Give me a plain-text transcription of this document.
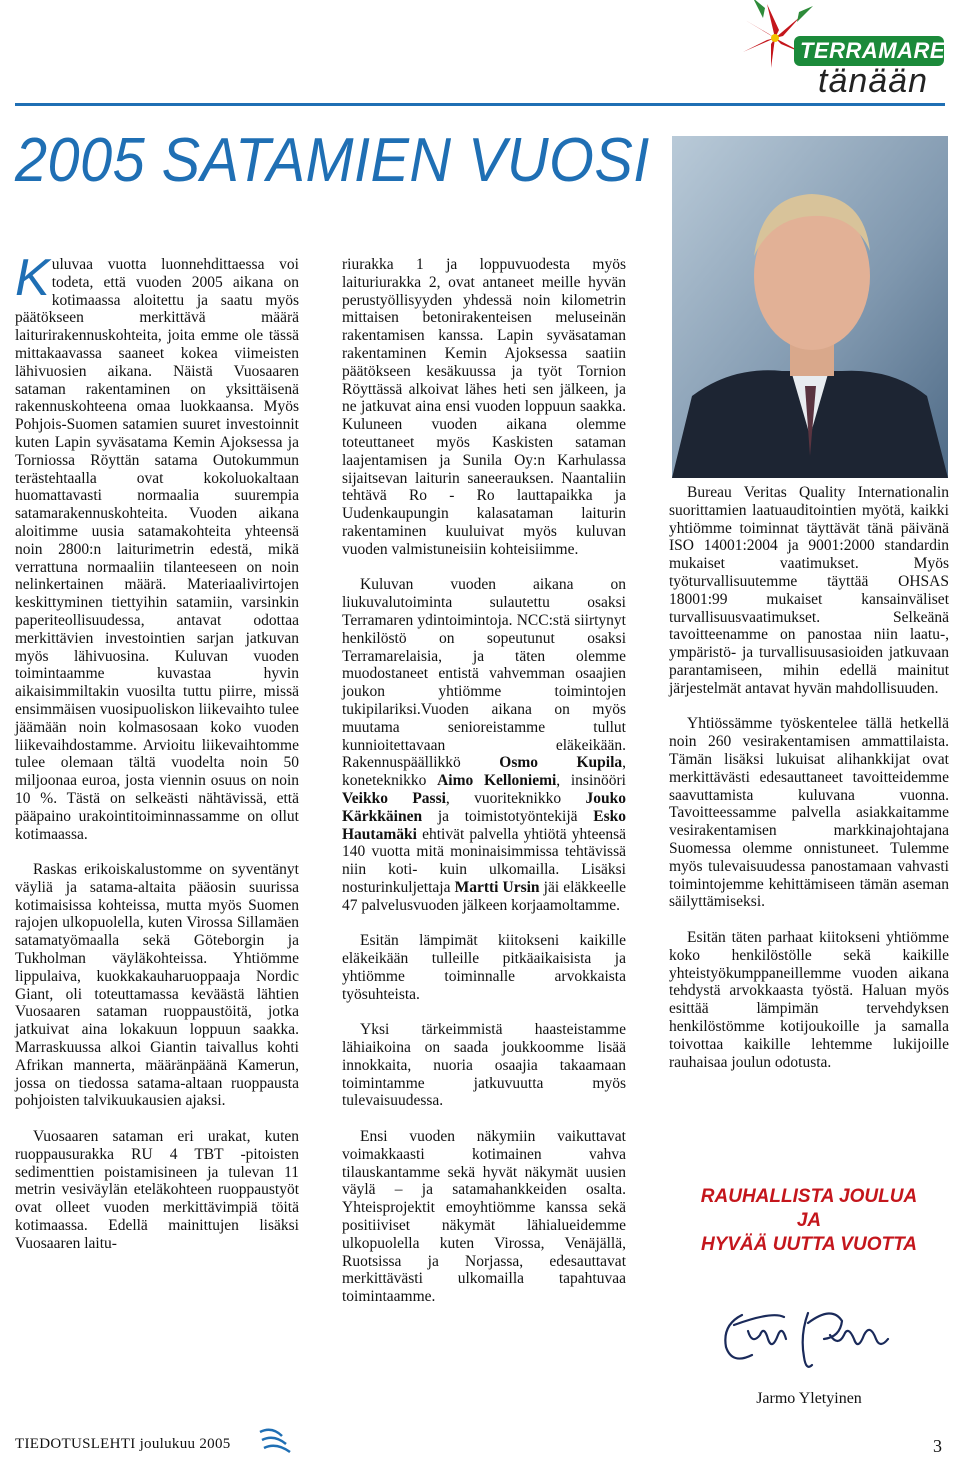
TERRAMARE
tänään
2005 SATAMIEN VUOSI

Kuluvaa vuotta luonnehdittaessa voi todeta, että vuoden 2005 aikana on kotimaassa aloitettu ja saatu myös päätökseen merkittävä määrä laiturirakennuskohteita, joita emme ole tässä mittakaavassa saaneet kokea viimeisten lähivuosien aikana. Näistä Vuosaaren sataman rakentaminen on yksittäisenä rakennuskohteena omaa luokkaansa. Myös Pohjois-Suomen satamien suuret investoinnit kuten Lapin syväsatama Kemin Ajoksessa ja Torniossa Röyttän satama Outokummun terästehtaalla ovat kokoluokaltaan huomattavasti normaalia suurempia satamarakennuskohteita. Vuoden aikana aloitimme uusia satamakohteita yhteensä noin 2800:n laiturimetrin edestä, mikä verrattuna normaaliin tilanteeseen on noin nelinkertainen määrä. Materiaalivirtojen keskittyminen tiettyihin satamiin, varsinkin paperiteollisuudessa, antavat odottaa merkittävien investointien sarjan jatkuvan myös lähivuosina. Kuluvan vuoden toimintaamme kuvastaa hyvin aikaisimmiltakin vuosilta tuttu piirre, missä ensimmäisen vuosipuoliskon liikevaihto tulee jäämään noin kolmasosaan koko vuoden liikevaihdostamme. Arvioitu liikevaihtomme tulee olemaan tältä vuodelta noin 50 miljoonaa euroa, josta viennin osuus on noin 10 %. Tästä on selkeästi nähtävissä, että pääpaino urakointitoiminnassamme on ollut kotimaassa.

Raskas erikoiskalustomme on syventänyt väyliä ja satama-altaita pääosin suurissa kotimaisissa kohteissa, mutta myös Suomen rajojen ulkopuolella, kuten Virossa Sillamäen satamatyömaalla sekä Göteborgin ja Tukholman väyläkohteissa. Yhtiömme lippulaiva, kuokkakauharuoppaaja Nordic Giant, oli toteuttamassa keväästä lähtien Vuosaaren sataman ruoppaustöitä, jotka jatkuivat aina lokakuun loppuun saakka. Marraskuussa alkoi Giantin taivallus kohti Afrikan mannerta, määränpäänä Kamerun, jossa on tiedossa satama-altaan ruoppausta pohjoisten talvikuukausien ajaksi.

Vuosaaren sataman eri urakat, kuten ruoppausurakka RU 4 TBT -pitoisten sedimenttien poistamisineen ja tulevan 11 metrin vesiväylän eteläkohteen ruoppaustyöt ovat olleet vuoden merkittävimpiä töitä kotimaassa. Edellä mainittujen lisäksi Vuosaaren laitu-

riurakka 1 ja loppuvuodesta myös laituriurakka 2, ovat antaneet meille hyvän perustyöllisyyden yhdessä noin kilometrin mittaisen betonirakenteisen meluseinän rakentamisen kanssa. Lapin syväsataman rakentaminen Kemin Ajoksessa saatiin päätökseen kesäkuussa ja työt Tornion Röyttässä alkoivat lähes heti sen jälkeen, ja ne jatkuvat aina ensi vuoden loppuun saakka. Kuluneen vuoden aikana olemme toteuttaneet myös Kaskisten sataman laajentamisen ja Sunila Oy:n Karhulassa sijaitsevan laiturin saneerauksen. Naantaliin tehtävä Ro - Ro lauttapaikka ja Uudenkaupungin kalasataman laiturin rakentaminen kuuluivat myös kuluvan vuoden valmistuneisiin kohteisiimme.

Kuluvan vuoden aikana on liukuvalutoiminta sulautettu osaksi Terramaren ydintoimintoja. NCC:stä siirtynyt henkilöstö on sopeutunut osaksi Terramarelaisia, ja täten olemme muodostaneet entistä vahvemman osaajien joukon yhtiömme toimintojen tukipilariksi.Vuoden aikana on myös muutama senioreistamme tullut kunnioitettavaan eläkeikään. Rakennuspäällikkö Osmo Kupila, koneteknikko Aimo Kelloniemi, insinööri Veikko Passi, vuoriteknikko Jouko Kärkkäinen ja toimistotyöntekijä Esko Hautamäki ehtivät palvella yhtiötä yhteensä 140 vuotta mitä moninaisimmissa tehtävissä niin koti- kuin ulkomailla. Lisäksi nosturinkuljettaja Martti Ursin jäi eläkkeelle 47 palvelusvuoden jälkeen korjaamoltamme.

Esitän lämpimät kiitokseni kaikille eläkeikään tulleille pitkäaikaisista ja yhtiömme toiminnalle arvokkaista työsuhteista.

Yksi tärkeimmistä haasteistamme lähiaikoina on saada joukkoomme lisää innokkaita, nuoria osaajia takaamaan toimintamme jatkuvuutta myös tulevaisuudessa.

Ensi vuoden näkymiin vaikuttavat voimakkaasti kotimainen vahva tilauskantamme sekä hyvät näkymät uusien väylä – ja satamahankkeiden osalta. Yhteisprojektit emoyhtiömme kanssa sekä positiiviset näkymät lähialueidemme ulkopuolella kuten Virossa, Venäjällä, Ruotsissa ja Norjassa, edesauttavat merkittävästi ulkomailla tapahtuvaa toimintaamme.

Bureau Veritas Quality Internationalin suorittamien laatuauditointien myötä, kaikki yhtiömme toiminnat täyttävät tänä päivänä ISO 14001:2004 ja 9001:2000 standardin mukaiset vaatimukset. Myös työturvallisuutemme täyttää OHSAS 18001:99 mukaiset kansainväliset turvallisuusvaatimukset. Selkeänä tavoitteenamme on panostaa niin laatu-, ympäristö- ja turvallisuusasioiden jatkuvaan parantamiseen, mihin edellä mainitut järjestelmät antavat hyvän mahdollisuuden.

Yhtiössämme työskentelee tällä hetkellä noin 260 vesirakentamisen ammattilaista. Tämän lisäksi lukuisat alihankkijat ovat merkittävästi edesauttaneet tavoitteidemme saavuttamista kuluvana vuonna. Tavoitteessamme palvella asiakkaitamme vesirakentamisen markkinajohtajana Suomessa olemme onnistuneet. Tulemme myös tulevaisuudessa panostamaan vahvasti toimintojemme kehittämiseen tämän aseman säilyttämiseksi.

Esitän täten parhaat kiitokseni yhtiömme koko henkilöstölle sekä kaikille yhteistyökumppaneillemme vuoden aikana tehdystä arvokkaasta työstä. Haluan myös esittää lämpimän tervehdyksen henkilöstömme kotijoukoille ja samalla toivottaa kaikille lehtemme lukijoille rauhaisaa joulun odotusta.

RAUHALLISTA JOULUA
JA
HYVÄÄ UUTTA VUOTTA
Jarmo Yletyinen
TIEDOTUSLEHTI joulukuu 2005	3
